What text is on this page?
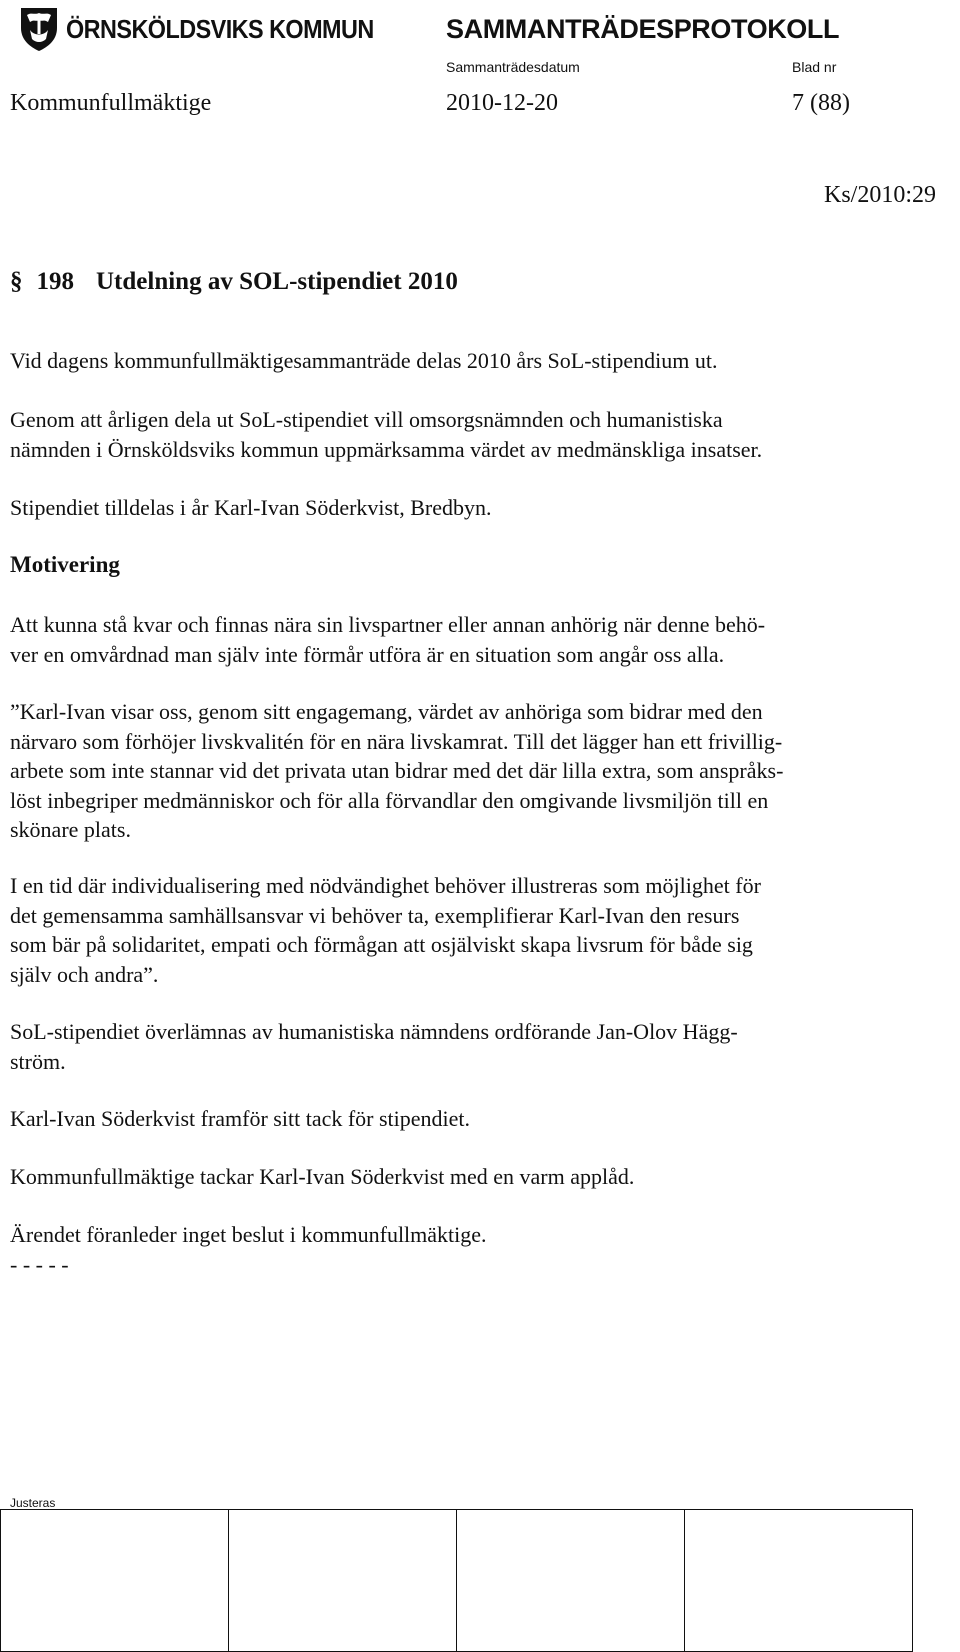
ÖRNSKÖLDSVIKS KOMMUN	SAMMANTRÄDESPROTOKOLL
Sammanträdesdatum	Blad nr
Kommunfullmäktige	2010-12-20	7 (88)
Ks/2010:29
§ 198 Utdelning av SOL-stipendiet 2010

Vid dagens kommunfullmäktigesammanträde delas 2010 års SoL-stipendium ut.

Genom att årligen dela ut SoL-stipendiet vill omsorgsnämnden och humanistiska
nämnden i Örnsköldsviks kommun uppmärksamma värdet av medmänskliga insatser.

Stipendiet tilldelas i år Karl-Ivan Söderkvist, Bredbyn.

Motivering

Att kunna stå kvar och finnas nära sin livspartner eller annan anhörig när denne behö-
ver en omvårdnad man själv inte förmår utföra är en situation som angår oss alla.

”Karl-Ivan visar oss, genom sitt engagemang, värdet av anhöriga som bidrar med den
närvaro som förhöjer livskvalitén för en nära livskamrat. Till det lägger han ett frivillig-
arbete som inte stannar vid det privata utan bidrar med det där lilla extra, som anspråks-
löst inbegriper medmänniskor och för alla förvandlar den omgivande livsmiljön till en
skönare plats.

I en tid där individualisering med nödvändighet behöver illustreras som möjlighet för
det gemensamma samhällsansvar vi behöver ta, exemplifierar Karl-Ivan den resurs
som bär på solidaritet, empati och förmågan att osjälviskt skapa livsrum för både sig
själv och andra”.

SoL-stipendiet överlämnas av humanistiska nämndens ordförande Jan-Olov Hägg-
ström.

Karl-Ivan Söderkvist framför sitt tack för stipendiet.

Kommunfullmäktige tackar Karl-Ivan Söderkvist med en varm applåd.

Ärendet föranleder inget beslut i kommunfullmäktige.
- - - - -

Justeras
